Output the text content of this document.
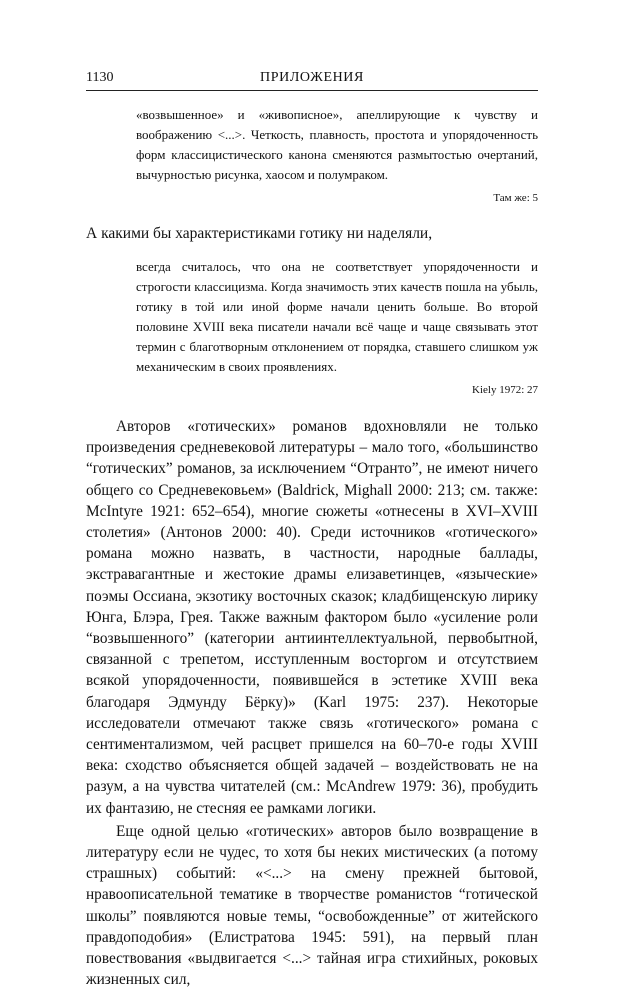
1130	ПРИЛОЖЕНИЯ

«возвышенное» и «живописное», апеллирующие к чувству и воображению <...>. Четкость, плавность, простота и упорядоченность форм классицистического канона сменяются размытостью очертаний, вычурностью рисунка, хаосом и полумраком.

Там же: 5
А какими бы характеристиками готику ни наделяли,

всегда считалось, что она не соответствует упорядоченности и строгости классицизма. Когда значимость этих качеств пошла на убыль, готику в той или иной форме начали ценить больше. Во второй половине XVIII века писатели начали всё чаще и чаще связывать этот термин с благотворным отклонением от порядка, ставшего слишком уж механическим в своих проявлениях.

Kiely 1972: 27

Авторов «готических» романов вдохновляли не только произведения средневековой литературы – мало того, «большинство “готических” романов, за исключением “Отранто”, не имеют ничего общего со Средневековьем» (Baldrick, Mighall 2000: 213; см. также: McIntyre 1921: 652–654), многие сюжеты «отнесены в XVI–XVIII столетия» (Антонов 2000: 40). Среди источников «готического» романа можно назвать, в частности, народные баллады, экстравагантные и жестокие драмы елизаветинцев, «языческие» поэмы Оссиана, экзотику восточных сказок; кладбищенскую лирику Юнга, Блэра, Грея. Также важным фактором было «усиление роли “возвышенного” (категории антиинтеллектуальной, первобытной, связанной с трепетом, исступленным восторгом и отсутствием всякой упорядоченности, появившейся в эстетике XVIII века благодаря Эдмунду Бёрку)» (Karl 1975: 237). Некоторые исследователи отмечают также связь «готического» романа с сентиментализмом, чей расцвет пришелся на 60–70-е годы XVIII века: сходство объясняется общей задачей – воздействовать не на разум, а на чувства читателей (см.: McAndrew 1979: 36), пробудить их фантазию, не стесняя ее рамками логики.

Еще одной целью «готических» авторов было возвращение в литературу если не чудес, то хотя бы неких мистических (а потому страшных) событий: «<...> на смену прежней бытовой, нравоописательной тематике в творчестве романистов “готической школы” появляются новые темы, “освобожденные” от житейского правдоподобия» (Елистратова 1945: 591), на первый план повествования «выдвигается <...> тайная игра стихийных, роковых жизненных сил,
